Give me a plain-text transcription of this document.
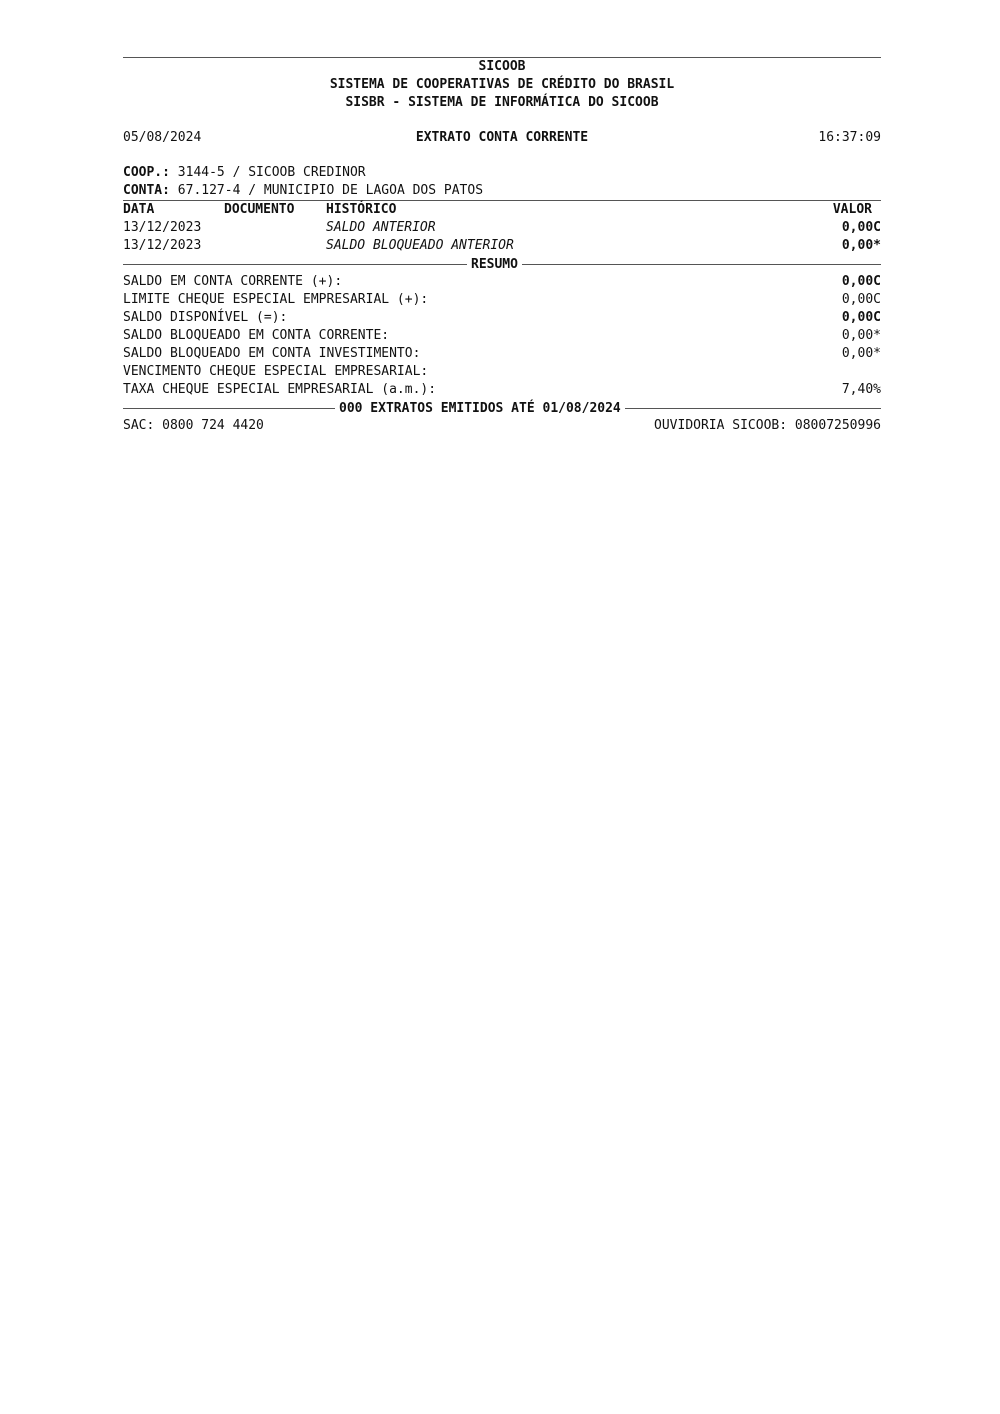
SICOOB
SISTEMA DE COOPERATIVAS DE CRÉDITO DO BRASIL
SISBR - SISTEMA DE INFORMÁTICA DO SICOOB
05/08/2024	EXTRATO CONTA CORRENTE	16:37:09
COOP.: 3144-5 / SICOOB CREDINOR
CONTA: 67.127-4 / MUNICIPIO DE LAGOA DOS PATOS
DATA	DOCUMENTO HISTÓRICO	VALOR
13/12/2023	SALDO ANTERIOR	0,00C
13/12/2023	SALDO BLOQUEADO ANTERIOR	0,00*
RESUMO
SALDO EM CONTA CORRENTE (+):	0,00C
LIMITE CHEQUE ESPECIAL EMPRESARIAL (+):	0,00C
SALDO DISPONÍVEL (=):	0,00C
SALDO BLOQUEADO EM CONTA CORRENTE:	0,00*
SALDO BLOQUEADO EM CONTA INVESTIMENTO:	0,00*
VENCIMENTO CHEQUE ESPECIAL EMPRESARIAL:
TAXA CHEQUE ESPECIAL EMPRESARIAL (a.m.):	7,40%
000 EXTRATOS EMITIDOS ATÉ 01/08/2024
SAC: 0800 724 4420	OUVIDORIA SICOOB: 08007250996
